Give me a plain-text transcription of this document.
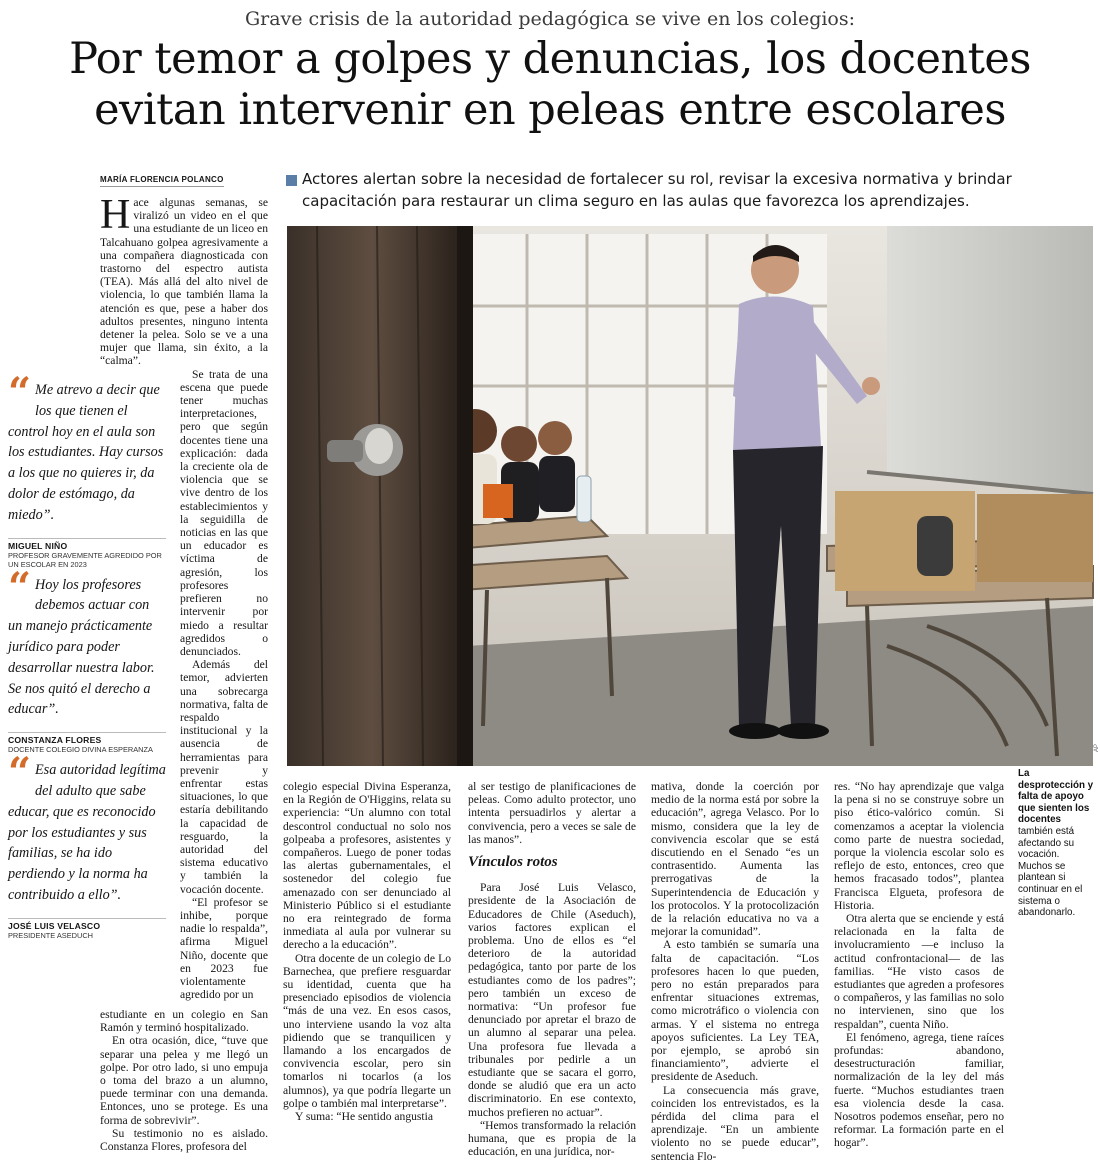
Grave crisis de la autoridad pedagógica se vive en los colegios:
Por temor a golpes y denuncias, los docentes
evitan intervenir en peleas entre escolares
MARÍA FLORENCIA POLANCO	Actores alertan sobre la necesidad de fortalecer su rol, revisar la excesiva normativa y brindar capacitación para restaurar un clima seguro en las aulas que favorezca los aprendizajes.
H ace algunas semanas, se viralizó un video en el que una estudiante de un liceo en Talcahuano golpea agresivamente a una compañera diagnosticada con trastorno del espectro autista (TEA). Más allá del alto nivel de violencia, lo que también llama la atención es que, pese a haber dos adultos presentes, ninguno intenta detener la pelea. Solo se ve a una mujer que llama, sin éxito, a la “calma”.

Se trata de una escena que puede tener muchas interpretaciones, pero que según docentes tiene una explicación: dada la creciente ola de violencia que se vive dentro de los establecimientos y la seguidilla de noticias en las que un educador es víctima de agresión, los profesores prefieren no intervenir por miedo a resultar agredidos o denunciados.

Además del temor, advierten una sobrecarga normativa, falta de respaldo institucional y la ausencia de herramientas para prevenir y enfrentar estas situaciones, lo que estaría debilitando la capacidad de resguardo, la autoridad del sistema educativo y también la vocación docente.

“El profesor se inhibe, porque nadie lo respalda”, afirma Miguel Niño, docente que en 2023 fue violentamente agredido por un

estudiante en un colegio en San Ramón y terminó hospitalizado.

En otra ocasión, dice, “tuve que separar una pelea y me llegó un golpe. Por otro lado, si uno empuja o toma del brazo a un alumno, puede terminar con una demanda. Entonces, uno se protege. Es una forma de sobrevivir”.

Su testimonio no es aislado. Constanza Flores, profesora del

colegio especial Divina Esperanza, en la Región de O'Higgins, relata su experiencia: “Un alumno con total descontrol conductual no solo nos golpeaba a profesores, asistentes y compañeros. Luego de poner todas las alertas gubernamentales, el sostenedor del colegio fue amenazado con ser denunciado al Ministerio Público si el estudiante no era reintegrado de forma inmediata al aula por vulnerar su derecho a la educación”.

Otra docente de un colegio de Lo Barnechea, que prefiere resguardar su identidad, cuenta que ha presenciado episodios de violencia “más de una vez. En esos casos, uno interviene usando la voz alta pidiendo que se tranquilicen y llamando a los encargados de convivencia escolar, pero sin tomarlos ni tocarlos (a los alumnos), ya que podría llegarte un golpe o también mal interpretarse”.

Y suma: “He sentido angustia

al ser testigo de planificaciones de peleas. Como adulto protector, uno intenta persuadirlos y alertar a convivencia, pero a veces se sale de las manos”.

Vínculos rotos

Para José Luis Velasco, presidente de la Asociación de Educadores de Chile (Aseduch), varios factores explican el problema. Uno de ellos es “el deterioro de la autoridad pedagógica, tanto por parte de los estudiantes como de los padres”; pero también un exceso de normativa: “Un profesor fue denunciado por apretar el brazo de un alumno al separar una pelea. Una profesora fue llevada a tribunales por pedirle a un estudiante que se sacara el gorro, donde se aludió que era un acto discriminatorio. En ese contexto, muchos prefieren no actuar”.

“Hemos transformado la relación humana, que es propia de la educación, en una jurídica, nor-

mativa, donde la coerción por medio de la norma está por sobre la educación”, agrega Velasco. Por lo mismo, considera que la ley de convivencia escolar que se está discutiendo en el Senado “es un contrasentido. Aumenta las prerrogativas de la Superintendencia de Educación y los protocolos. Y la protocolización de la relación educativa no va a mejorar la comunidad”.

A esto también se sumaría una falta de capacitación. “Los profesores hacen lo que pueden, pero no están preparados para enfrentar situaciones extremas, como microtráfico o violencia con armas. Y el sistema no entrega apoyos suficientes. La Ley TEA, por ejemplo, se aprobó sin financiamiento”, advierte el presidente de Aseduch.

La consecuencia más grave, coinciden los entrevistados, es la pérdida del clima para el aprendizaje. “En un ambiente violento no se puede educar”, sentencia Flo-

res. “No hay aprendizaje que valga la pena si no se construye sobre un piso ético-valórico común. Si comenzamos a aceptar la violencia como parte de nuestra sociedad, porque la violencia escolar solo es reflejo de esto, entonces, creo que hemos fracasado todos”, plantea Francisca Elgueta, profesora de Historia.

Otra alerta que se enciende y está relacionada en la falta de involucramiento —e incluso la actitud confrontacional— de las familias. “He visto casos de estudiantes que agreden a profesores o compañeros, y las familias no solo no intervienen, sino que los respaldan”, cuenta Niño.

El fenómeno, agrega, tiene raíces profundas: abandono, desestructuración familiar, normalización de la ley del más fuerte. “Muchos estudiantes traen esa violencia desde la casa. Nosotros podemos enseñar, pero no reformar. La formación parte en el hogar”.

AP
La desprotección y falta de apoyo que sienten los docentes
también está afectando su vocación. Muchos se plantean si continuar en el sistema o abandonarlo.
“ Me atrevo a decir que los que tienen el control hoy en el aula son los estudiantes. Hay cursos a los que no quieres ir, da dolor de estómago, da miedo”.
MIGUEL NIÑO
PROFESOR GRAVEMENTE AGREDIDO POR UN ESCOLAR EN 2023
“ Hoy los profesores debemos actuar con un manejo prácticamente jurídico para poder desarrollar nuestra labor. Se nos quitó el derecho a educar”.
CONSTANZA FLORES
DOCENTE COLEGIO DIVINA ESPERANZA
“ Esa autoridad legítima del adulto que sabe educar, que es reconocido por los estudiantes y sus familias, se ha ido perdiendo y la norma ha contribuido a ello”.
JOSÉ LUIS VELASCO
PRESIDENTE ASEDUCH
